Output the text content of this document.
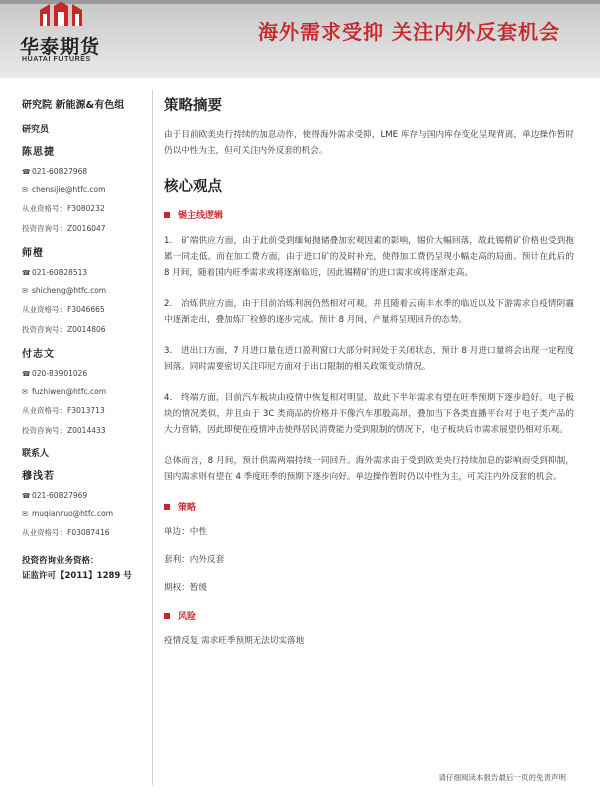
华泰期货
HUATAI FUTURES
海外需求受抑 关注内外反套机会
研究院 新能源&有色组
研究员
陈思捷
☎ 021-60827968
✉ chensijie@htfc.com
从业资格号：F3080232
投资咨询号：Z0016047
师橙
☎ 021-60828513
✉ shicheng@htfc.com
从业资格号：F3046665
投资咨询号：Z0014806
付志文
☎ 020-83901026
✉ fuzhiwen@htfc.com
从业资格号：F3013713
投资咨询号：Z0014433
联系人
穆浅若
☎ 021-60827969
✉ muqianruo@htfc.com
从业资格号：F03087416
投资咨询业务资格：
证监许可【2011】1289 号
策略摘要
由于目前欧美央行持续的加息动作，使得海外需求受抑，LME 库存与国内库存变化呈现背离，单边操作暂时仍以中性为主，但可关注内外反套的机会。
核心观点
锡主线逻辑
1.　矿端供应方面，由于此前受到缅甸抛储叠加宏观因素的影响，锡价大幅回落，故此锡精矿价格也受到拖累一同走低。而在加工费方面，由于进口矿的及时补充，使得加工费仍呈现小幅走高的局面。预计在此后的 8 月间，随着国内旺季需求或将逐渐临近，因此锡精矿的进口需求或将逐渐走高。
2.　冶炼供应方面，由于目前冶炼利润仍然相对可观，并且随着云南丰水季的临近以及下游需求自疫情阴霾中逐渐走出，叠加炼厂检修的逐步完成。预计 8 月间，产量将呈现回升的态势。
3.　进出口方面，7 月进口量在进口盈利窗口大部分时间处于关闭状态，预计 8 月进口量将会出现一定程度回落。同时需要密切关注印尼方面对于出口限制的相关政策变动情况。
4.　终端方面，目前汽车板块由疫情中恢复相对明显，故此下半年需求有望在旺季预期下逐步趋好。电子板块的情况类似，并且由于 3C 类商品的价格并不像汽车那般高昂，叠加当下各类直播平台对于电子类产品的大力营销，因此即便在疫情冲击使得居民消费能力受到限制的情况下，电子板块后市需求展望仍相对乐观。
总体而言，8 月间，预计供需两端持续一同回升。海外需求由于受到欧美央行持续加息的影响而受到抑制，国内需求则有望在 4 季度旺季的预期下逐步向好。单边操作暂时仍以中性为主，可关注内外反套的机会。
策略
单边：中性
套利：内外反套
期权：暂缓
风险
疫情反复 需求旺季预期无法切实落地
请仔细阅读本报告最后一页的免责声明
